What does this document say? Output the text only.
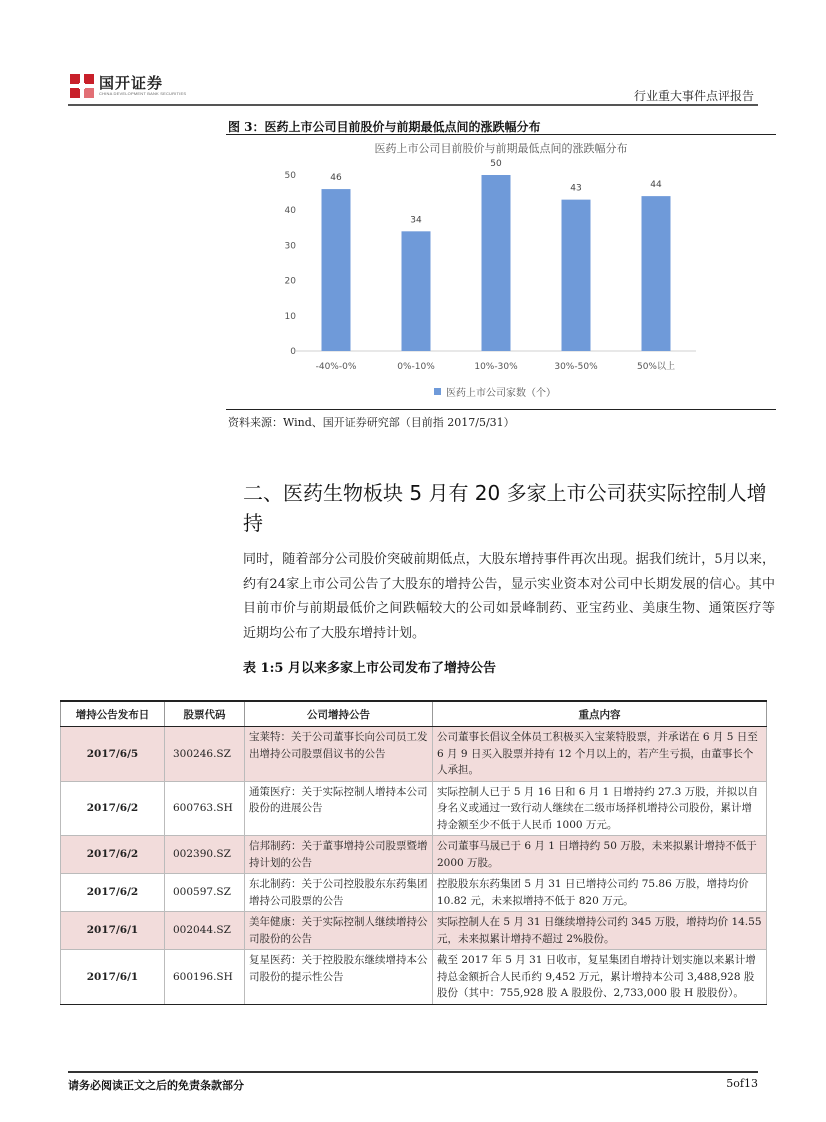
国开证券
CHINA DEVELOPMENT BANK SECURITIES	行业重大事件点评报告
图 3：医药上市公司目前股价与前期最低点间的涨跌幅分布
医药上市公司目前股价与前期最低点间的涨跌幅分布
0
10
20
30
40
50	46
34
50
43	44
-40%-0%	0%-10%	10%-30%	30%-50%	50%以上
医药上市公司家数（个）
资料来源：Wind、国开证券研究部（目前指 2017/5/31）
二、医药生物板块 5 月有 20 多家上市公司获实际控制人增持
同时，随着部分公司股价突破前期低点，大股东增持事件再次出现。据我们统计，5月以来，约有24家上市公司公告了大股东的增持公告，显示实业资本对公司中长期发展的信心。其中目前市价与前期最低价之间跌幅较大的公司如景峰制药、亚宝药业、美康生物、通策医疗等近期均公布了大股东增持计划。
表 1:5 月以来多家上市公司发布了增持公告
增持公告发布日	股票代码	公司增持公告	重点内容
2017/6/5	300246.SZ	宝莱特：关于公司董事长向公司员工发出增持公司股票倡议书的公告	公司董事长倡议全体员工积极买入宝莱特股票，并承诺在 6 月 5 日至 6 月 9 日买入股票并持有 12 个月以上的，若产生亏损，由董事长个人承担。
2017/6/2	600763.SH	通策医疗：关于实际控制人增持本公司股份的进展公告	实际控制人已于 5 月 16 日和 6 月 1 日增持约 27.3 万股，并拟以自身名义或通过一致行动人继续在二级市场择机增持公司股份，累计增持金额至少不低于人民币 1000 万元。
2017/6/2	002390.SZ	信邦制药：关于董事增持公司股票暨增持计划的公告	公司董事马晟已于 6 月 1 日增持约 50 万股，未来拟累计增持不低于 2000 万股。
2017/6/2	000597.SZ	东北制药：关于公司控股股东东药集团增持公司股票的公告	控股股东东药集团 5 月 31 日已增持公司约 75.86 万股，增持均价 10.82 元，未来拟增持不低于 820 万元。
2017/6/1	002044.SZ	美年健康：关于实际控制人继续增持公司股份的公告	实际控制人在 5 月 31 日继续增持公司约 345 万股，增持均价 14.55 元，未来拟累计增持不超过 2%股份。
2017/6/1	600196.SH	复星医药：关于控股股东继续增持本公司股份的提示性公告	截至 2017 年 5 月 31 日收市，复星集团自增持计划实施以来累计增持总金额折合人民币约 9,452 万元，累计增持本公司 3,488,928 股股份（其中：755,928 股 A 股股份、2,733,000 股 H 股股份）。
请务必阅读正文之后的免责条款部分	5of13
